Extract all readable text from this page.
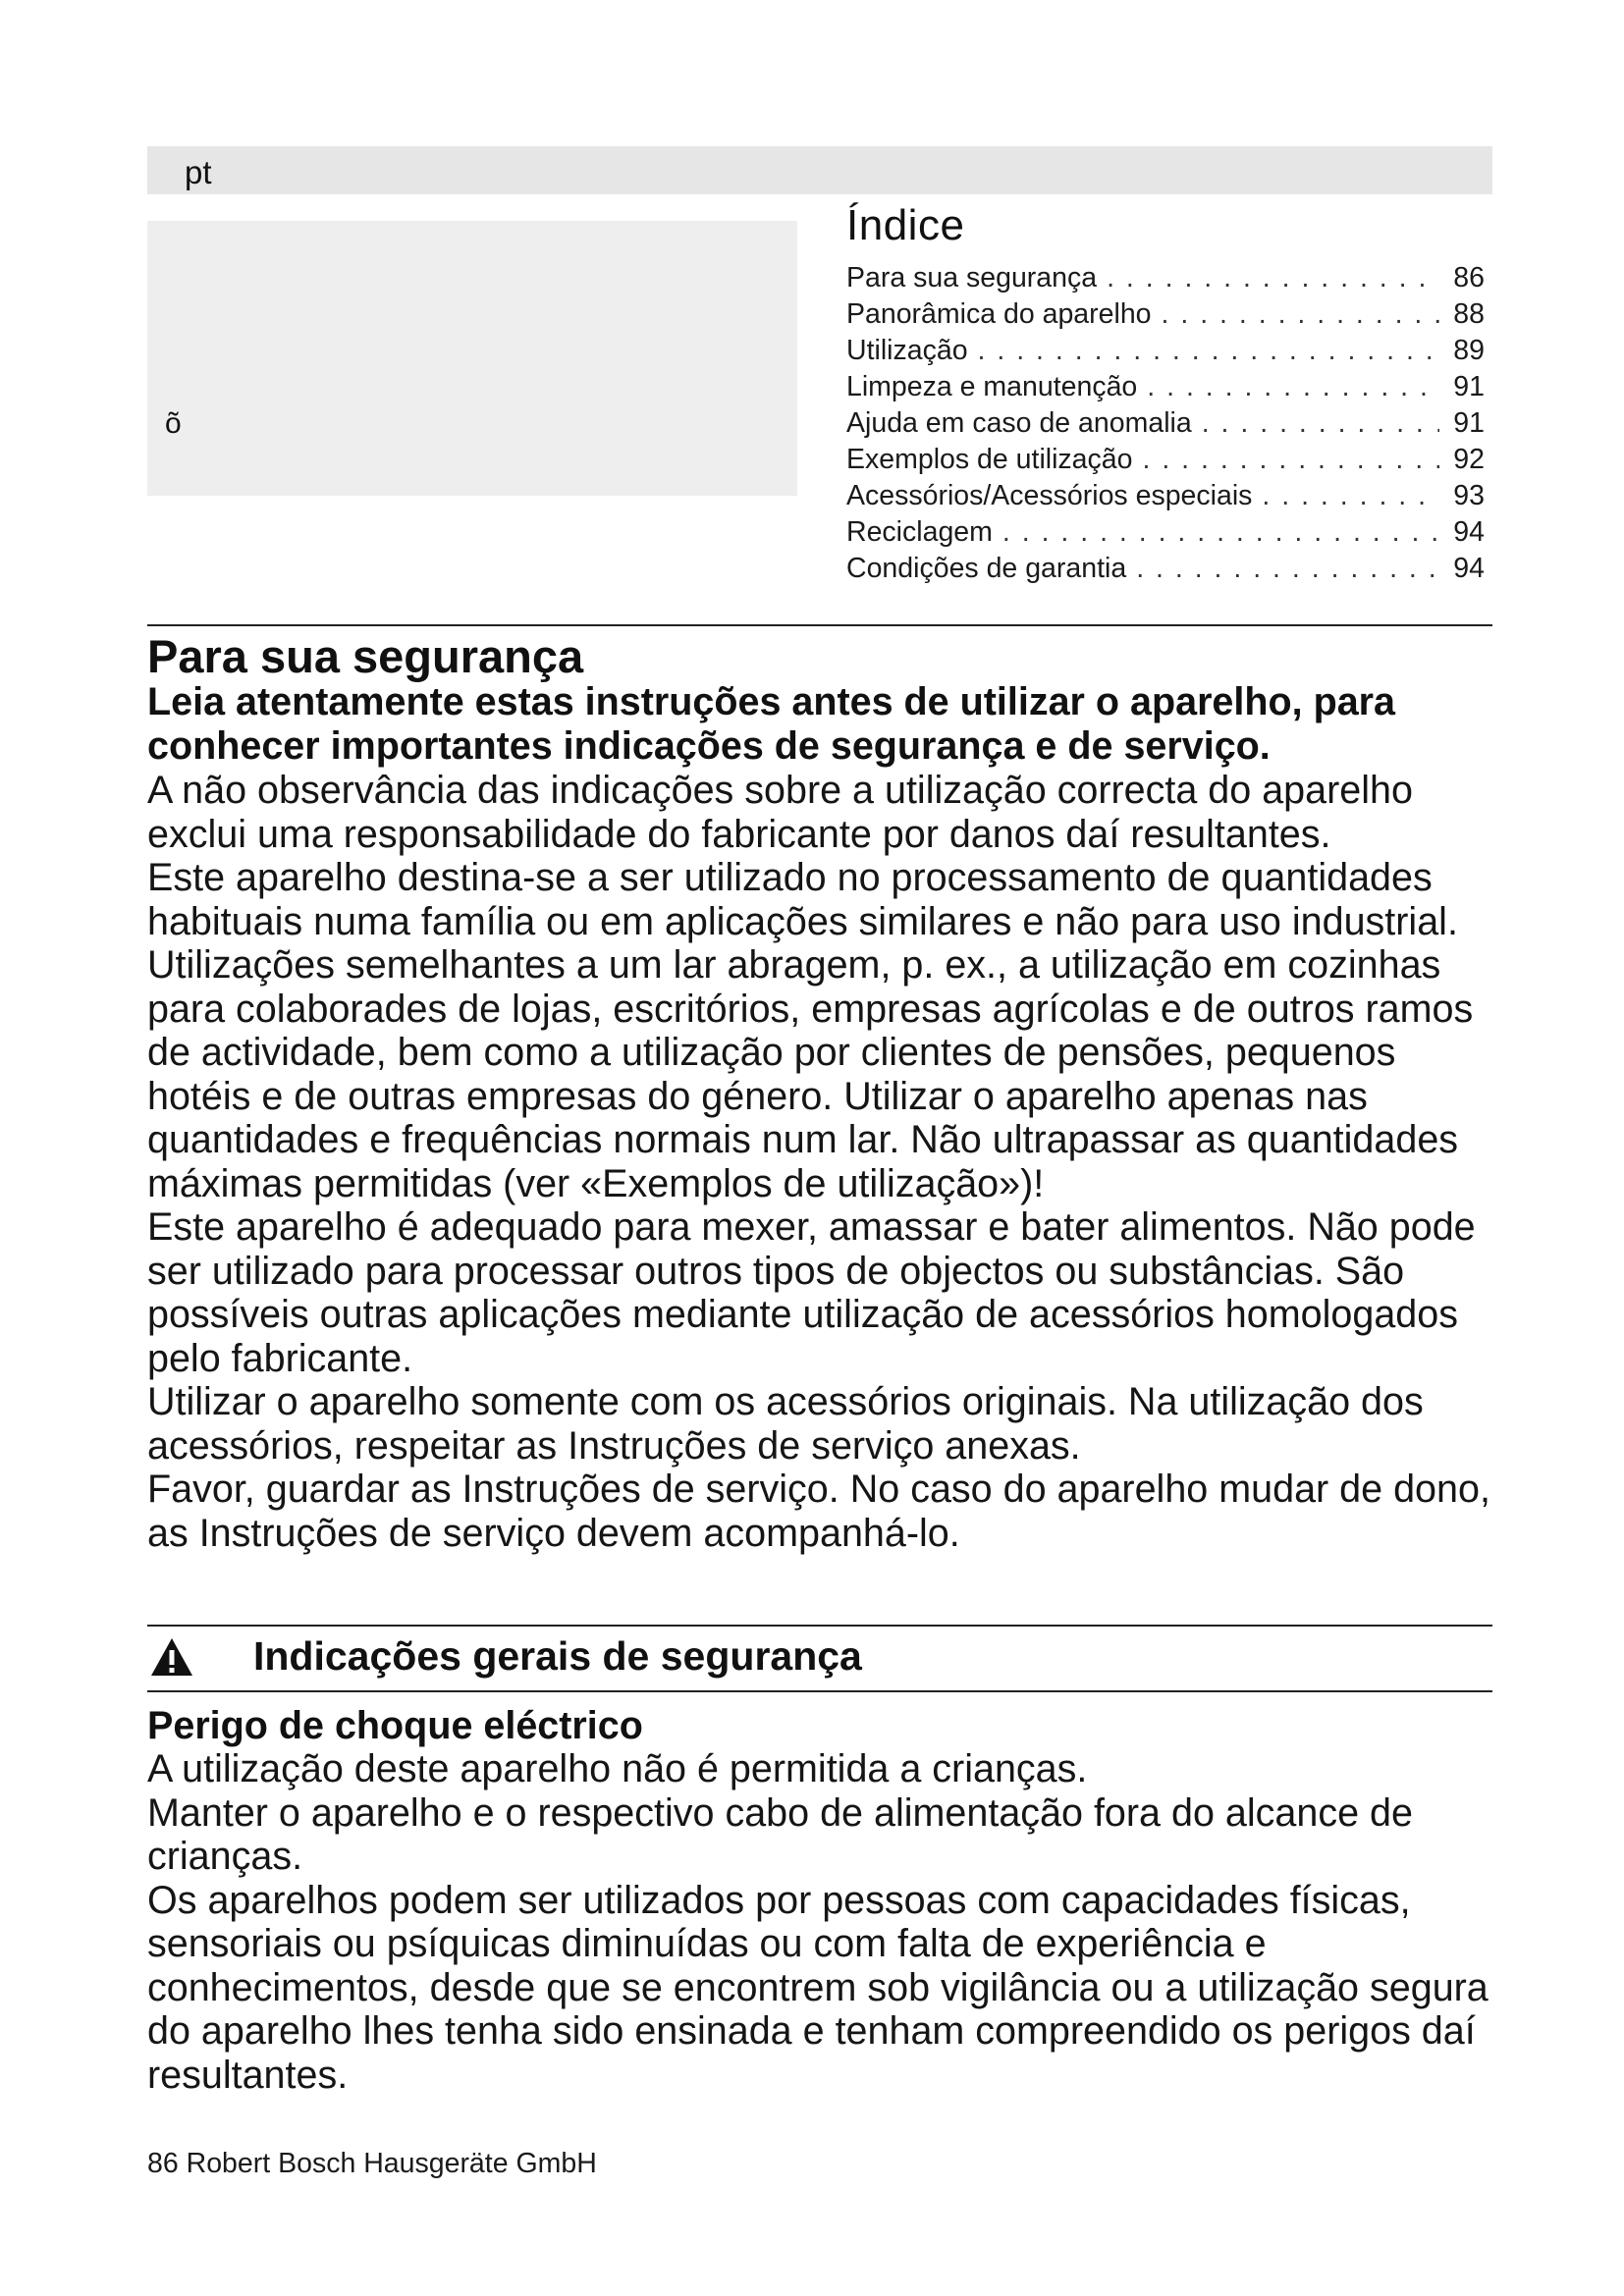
pt
õ
Índice
Para sua segurança . . .	86
Panorâmica do aparelho . . .	88
Utilização . . .	89
Limpeza e manutenção . . .	91
Ajuda em caso de anomalia . . .	91
Exemplos de utilização . . .	92
Acessórios/Acessórios especiais . . .	93
Reciclagem . . .	94
Condições de garantia . . .	94
Para sua segurança

Leia atentamente estas instruções antes de utilizar o aparelho, para conhecer importantes indicações de segurança e de serviço.

A não observância das indicações sobre a utilização correcta do aparelho exclui uma responsabilidade do fabricante por danos daí resultantes.

Este aparelho destina-se a ser utilizado no processamento de quantidades habituais numa família ou em aplicações similares e não para uso industrial. Utilizações semelhantes a um lar abragem, p. ex., a utilização em cozinhas para colaborades de lojas, escritórios, empresas agrícolas e de outros ramos de actividade, bem como a utilização por clientes de pensões, pequenos hotéis e de outras empresas do género. Utilizar o aparelho apenas nas quantidades e frequências normais num lar. Não ultrapassar as quantidades máximas permitidas (ver «Exemplos de utilização»)!

Este aparelho é adequado para mexer, amassar e bater alimentos. Não pode ser utilizado para processar outros tipos de objectos ou substâncias. São possíveis outras aplicações mediante utilização de acessórios homologados pelo fabricante.

Utilizar o aparelho somente com os acessórios originais. Na utilização dos acessórios, respeitar as Instruções de serviço anexas.

Favor, guardar as Instruções de serviço. No caso do aparelho mudar de dono, as Instruções de serviço devem acompanhá-lo.

Indicações gerais de segurança
Perigo de choque eléctrico

A utilização deste aparelho não é permitida a crianças.

Manter o aparelho e o respectivo cabo de alimentação fora do alcance de crianças.

Os aparelhos podem ser utilizados por pessoas com capacidades físicas, sensoriais ou psíquicas diminuídas ou com falta de experiência e conhecimentos, desde que se encontrem sob vigilância ou a utilização segura do aparelho lhes tenha sido ensinada e tenham compreendido os perigos daí resultantes.

86 Robert Bosch Hausgeräte GmbH
